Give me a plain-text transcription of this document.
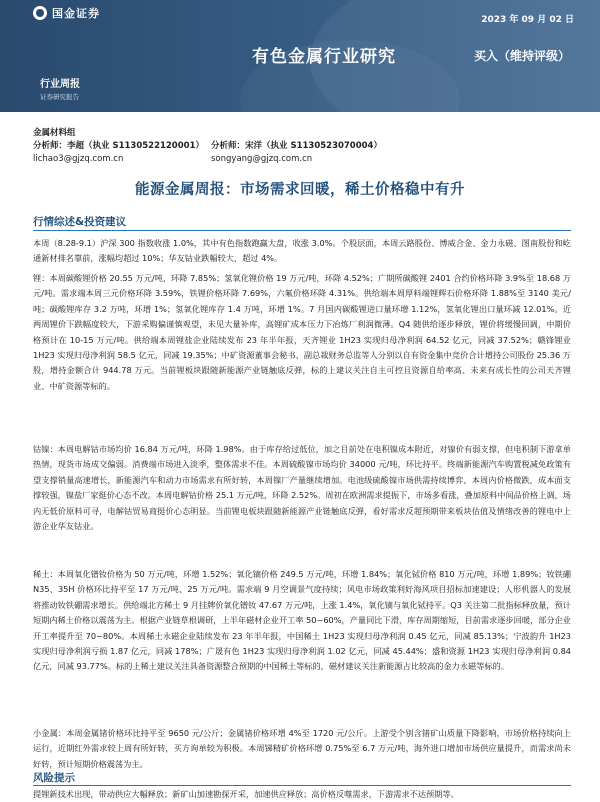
国金证券	2023 年 09 月 02 日
有色金属行业研究	买入（维持评级）
行业周报
证券研究报告
金属材料组
分析师：李超（执业 S1130522120001） 分析师：宋洋（执业 S1130523070004）
lichao3@gjzq.com.cn	songyang@gjzq.com.cn
能源金属周报：市场需求回暖，稀土价格稳中有升
行情综述&投资建议

本周（8.28-9.1）沪深 300 指数收涨 1.0%，其中有色指数跑赢大盘，收涨 3.0%。个股层面，本周云路股份、博威合金、金力永磁、图南股份和屹通新材排名靠前，涨幅均超过 10%；华友钴业跌幅较大，超过 4%。

锂：本周碳酸锂价格 20.55 万元/吨，环降 7.85%；氢氧化锂价格 19 万元/吨，环降 4.52%；广期所碳酸锂 2401 合约价格环降 3.9%至 18.68 万元/吨。需求端本周三元价格环降 3.59%，铁锂价格环降 7.69%，六氟价格环降 4.31%。供给端本周厚料端锂辉石价格环降 1.88%至 3140 美元/吨；碳酸锂库存 3.2 万吨，环增 1%；氢氧化锂库存 1.4 万吨，环增 1%。7 月国内碳酸锂进口量环增 1.12%，氢氧化锂出口量环减 12.01%。近两周锂价下跌幅度较大，下游采购偏谨慎观望，未见大量补库，高锂矿成本压力下冶炼厂利润微薄。Q4 随供给逐步释放，锂价将缓慢回调，中期价格预计在 10-15 万元/吨。供给端本周锂盐企业陆续发布 23 年半年报，天齐锂业 1H23 实现归母净利润 64.52 亿元，同减 37.52%；赣锋锂业 1H23 实现归母净利润 58.5 亿元，同减 19.35%；中矿资源董事会秘书、副总裁财务总监等人分别以自有资金集中竞价合计增持公司股份 25.36 万股，增持金额合计 944.78 万元。当前锂板块跟随新能源产业链触底反弹，标的上建议关注自主可控且资源自给率高、未来有成长性的公司天齐锂业、中矿资源等标的。

钴镍：本周电解钴市场均价 16.84 万元/吨，环降 1.98%。由于库存给过低位，加之目前处在电积镍成本附近，对镍价有弱支撑，但电积制下游拿单热情，现货市场成交偏弱。消费端市场进入淡季，整体需求不佳。本周硫酸镍市场均价 34000 元/吨，环比持平。终端新能源汽车购置税减免政策有望支撑销量高速增长，新能源汽车和动力市场需求有所好转，本周镍厂产量继续增加。电池级硫酸镍市场供需持续博弈，本周内价格微跌，成本面支撑较强，镍盐厂家挺价心态不改。本周电解钴价格 25.1 万元/吨，环降 2.52%。周初在欧洲需求提振下，市场多看涨，叠加原料中间品价格上调，场内无低价原料可寻，电解钴贸易商挺价心态明显。当前锂电板块跟随新能源产业链触底反弹，看好需求反超预期带来板块估值及情绪改善的锂电中上游企业华友钴业。

稀土：本周氧化镨钕价格为 50 万元/吨，环增 1.52%；氧化镝价格 249.5 万元/吨，环增 1.84%；氧化铽价格 810 万元/吨，环增 1.89%；钕铁硼 N35、35H 价格环比持平至 17 万元/吨、25 万元/吨。需求端 9 月空调景气度持续；风电市场政策利好海风项目招标加速建设；人形机器人的发展将推动钕铁硼需求增长。供给端北方稀土 9 月挂牌价氧化镨钕 47.67 万元/吨，上涨 1.4%，氧化镝与氧化铽持平。Q3 关注第二批指标释放量，预计短期内稀土价格以震荡为主。根据产业链草根调研，上半年磁材企业开工率 50~60%，产量同比下滑，库存周期缩短，目前需求逐步回暖，部分企业开工率提升至 70~80%。本周稀土永磁企业陆续发布 23 年半年报，中国稀土 1H23 实现归母净利润 0.45 亿元，同减 85.13%；宁波韵升 1H23 实现归母净利润亏损 1.87 亿元，同减 178%；广晟有色 1H23 实现归母净利润 1.02 亿元，同减 45.44%；盛和资源 1H23 实现归母净利润 0.84 亿元，同减 93.77%。标的上稀土建议关注具备资源整合预期的中国稀土等标的，磁材建议关注新能源占比较高的金力永磁等标的。

小金属：本周金属锗价格环比持平至 9650 元/公斤；金属锗价格环增 4%至 1720 元/公斤。上游受个别含锗矿山质量下降影响，市场价格持续向上运行，近期红外需求较上周有所好转，买方询单较为积极。本周锑精矿价格环增 0.75%至 6.7 万元/吨，海外进口增加市场供应量提升，而需求尚未好转，预计短期价格震荡为主。

风险提示

提锂新技术出现，带动供应大幅释放；新矿山加速勘探开采，加速供应释放；高价格反噬需求，下游需求不达预期等。
